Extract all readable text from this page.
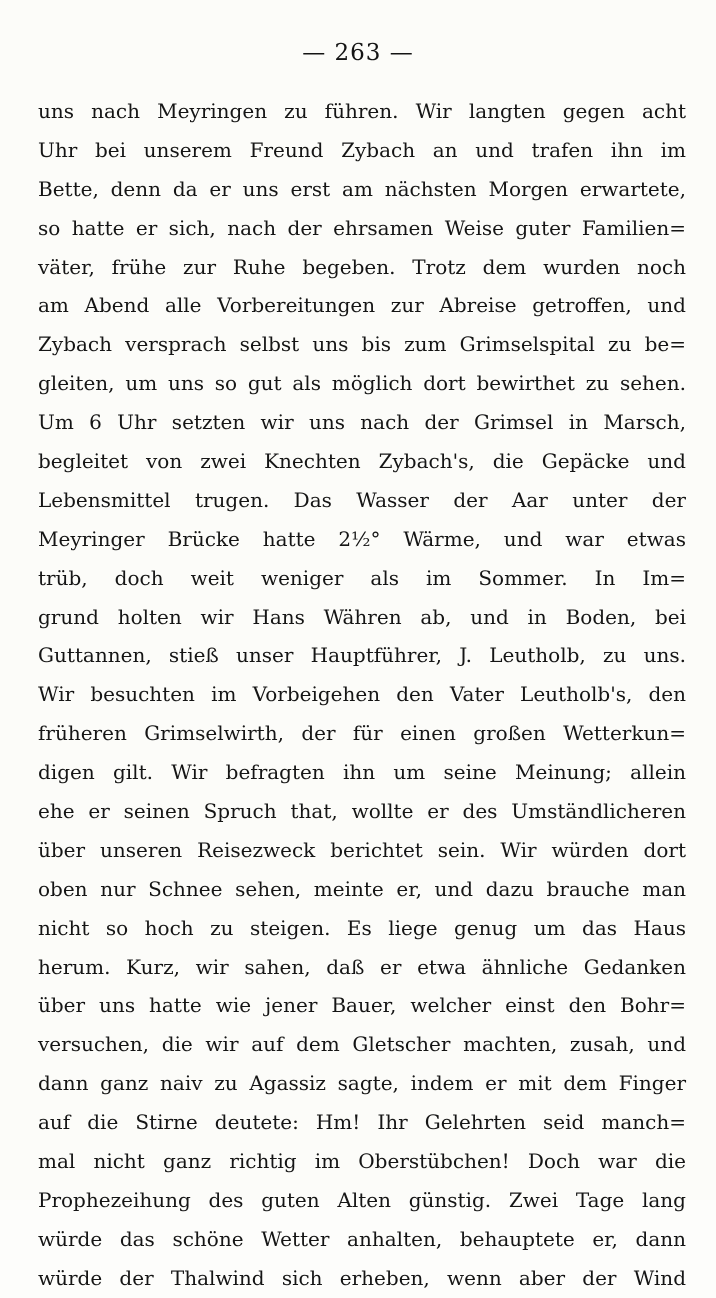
— 263 —
uns nach Meyringen zu führen. Wir langten gegen acht
Uhr bei unserem Freund Zybach an und trafen ihn im
Bette, denn da er uns erst am nächsten Morgen erwartete,
so hatte er sich, nach der ehrsamen Weise guter Familien=
väter, frühe zur Ruhe begeben. Trotz dem wurden noch
am Abend alle Vorbereitungen zur Abreise getroffen, und
Zybach versprach selbst uns bis zum Grimselspital zu be=
gleiten, um uns so gut als möglich dort bewirthet zu sehen.
Um 6 Uhr setzten wir uns nach der Grimsel in Marsch,
begleitet von zwei Knechten Zybach's, die Gepäcke und
Lebensmittel trugen. Das Wasser der Aar unter der
Meyringer Brücke hatte 2½° Wärme, und war etwas
trüb, doch weit weniger als im Sommer. In Im=
grund holten wir Hans Währen ab, und in Boden, bei
Guttannen, stieß unser Hauptführer, J. Leutholb, zu uns.
Wir besuchten im Vorbeigehen den Vater Leutholb's, den
früheren Grimselwirth, der für einen großen Wetterkun=
digen gilt. Wir befragten ihn um seine Meinung; allein
ehe er seinen Spruch that, wollte er des Umständlicheren
über unseren Reisezweck berichtet sein. Wir würden dort
oben nur Schnee sehen, meinte er, und dazu brauche man
nicht so hoch zu steigen. Es liege genug um das Haus
herum. Kurz, wir sahen, daß er etwa ähnliche Gedanken
über uns hatte wie jener Bauer, welcher einst den Bohr=
versuchen, die wir auf dem Gletscher machten, zusah, und
dann ganz naiv zu Agassiz sagte, indem er mit dem Finger
auf die Stirne deutete: Hm! Ihr Gelehrten seid manch=
mal nicht ganz richtig im Oberstübchen! Doch war die
Prophezeihung des guten Alten günstig. Zwei Tage lang
würde das schöne Wetter anhalten, behauptete er, dann
würde der Thalwind sich erheben, wenn aber der Wind
